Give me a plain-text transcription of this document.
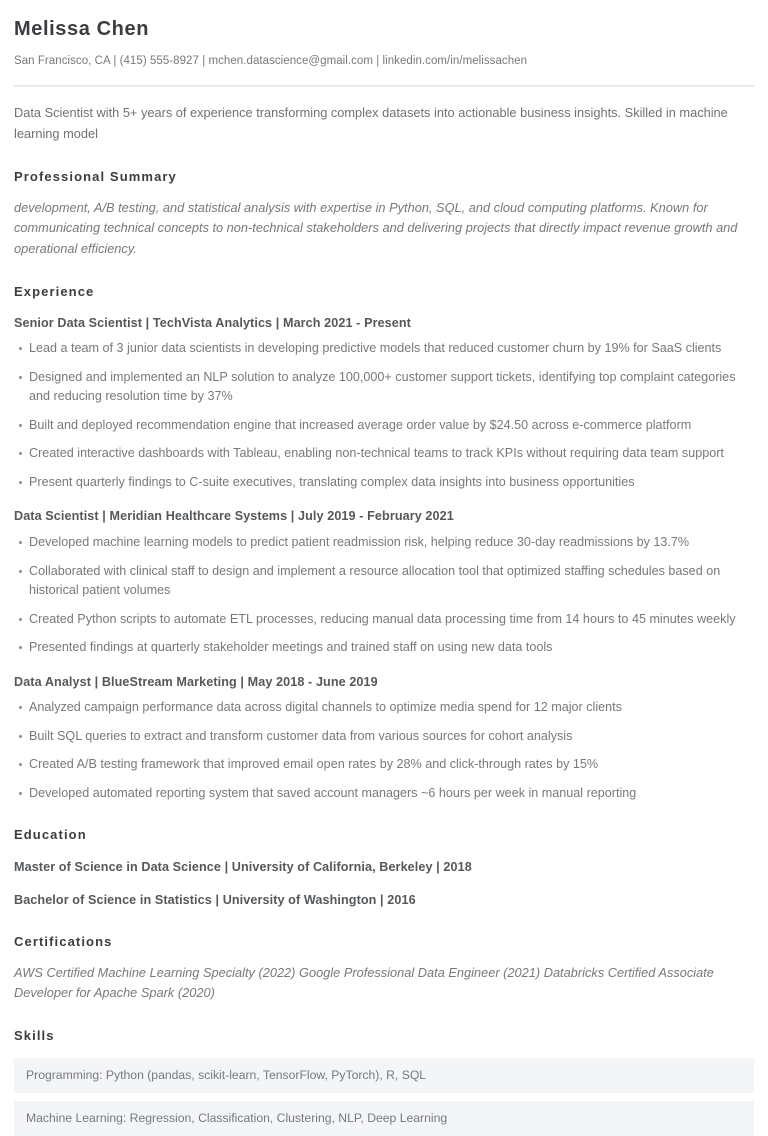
Melissa Chen
San Francisco, CA | (415) 555-8927 | mchen.datascience@gmail.com | linkedin.com/in/melissachen
Data Scientist with 5+ years of experience transforming complex datasets into actionable business insights. Skilled in machine learning model
Professional Summary
development, A/B testing, and statistical analysis with expertise in Python, SQL, and cloud computing platforms. Known for communicating technical concepts to non-technical stakeholders and delivering projects that directly impact revenue growth and operational efficiency.
Experience
Senior Data Scientist | TechVista Analytics | March 2021 - Present
Lead a team of 3 junior data scientists in developing predictive models that reduced customer churn by 19% for SaaS clients
Designed and implemented an NLP solution to analyze 100,000+ customer support tickets, identifying top complaint categories and reducing resolution time by 37%
Built and deployed recommendation engine that increased average order value by $24.50 across e-commerce platform
Created interactive dashboards with Tableau, enabling non-technical teams to track KPIs without requiring data team support
Present quarterly findings to C-suite executives, translating complex data insights into business opportunities
Data Scientist | Meridian Healthcare Systems | July 2019 - February 2021
Developed machine learning models to predict patient readmission risk, helping reduce 30-day readmissions by 13.7%
Collaborated with clinical staff to design and implement a resource allocation tool that optimized staffing schedules based on historical patient volumes
Created Python scripts to automate ETL processes, reducing manual data processing time from 14 hours to 45 minutes weekly
Presented findings at quarterly stakeholder meetings and trained staff on using new data tools
Data Analyst | BlueStream Marketing | May 2018 - June 2019
Analyzed campaign performance data across digital channels to optimize media spend for 12 major clients
Built SQL queries to extract and transform customer data from various sources for cohort analysis
Created A/B testing framework that improved email open rates by 28% and click-through rates by 15%
Developed automated reporting system that saved account managers ~6 hours per week in manual reporting
Education
Master of Science in Data Science | University of California, Berkeley | 2018
Bachelor of Science in Statistics | University of Washington | 2016
Certifications
AWS Certified Machine Learning Specialty (2022) Google Professional Data Engineer (2021) Databricks Certified Associate Developer for Apache Spark (2020)
Skills
Programming: Python (pandas, scikit-learn, TensorFlow, PyTorch), R, SQL
Machine Learning: Regression, Classification, Clustering, NLP, Deep Learning
